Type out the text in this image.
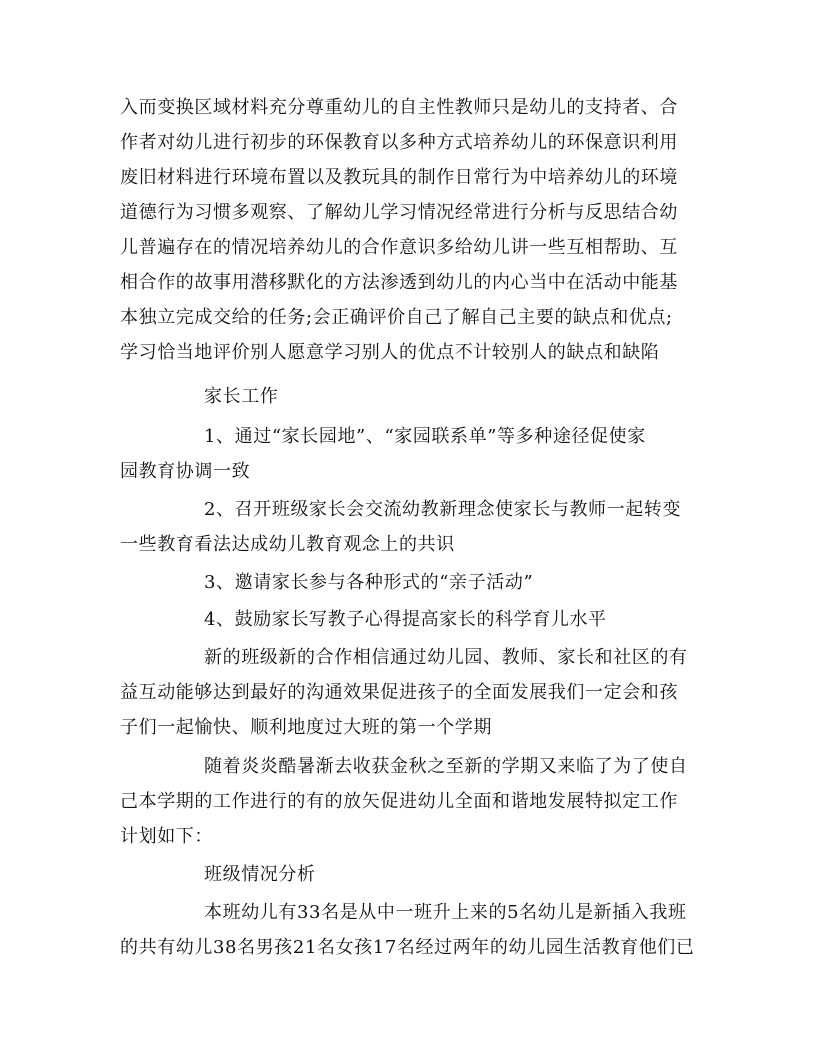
入而变换区域材料充分尊重幼儿的自主性教师只是幼儿的支持者、合
作者对幼儿进行初步的环保教育以多种方式培养幼儿的环保意识利用
废旧材料进行环境布置以及教玩具的制作日常行为中培养幼儿的环境
道德行为习惯多观察、了解幼儿学习情况经常进行分析与反思结合幼
儿普遍存在的情况培养幼儿的合作意识多给幼儿讲一些互相帮助、互
相合作的故事用潜移默化的方法渗透到幼儿的内心当中在活动中能基
本独立完成交给的任务;会正确评价自己了解自己主要的缺点和优点;
学习恰当地评价别人愿意学习别人的优点不计较别人的缺点和缺陷
家长工作
1、通过“家长园地”、“家园联系单”等多种途径促使家
园教育协调一致
2、召开班级家长会交流幼教新理念使家长与教师一起转变
一些教育看法达成幼儿教育观念上的共识
3、邀请家长参与各种形式的“亲子活动”
4、鼓励家长写教子心得提高家长的科学育儿水平
新的班级新的合作相信通过幼儿园、教师、家长和社区的有
益互动能够达到最好的沟通效果促进孩子的全面发展我们一定会和孩
子们一起愉快、顺利地度过大班的第一个学期
随着炎炎酷暑渐去收获金秋之至新的学期又来临了为了使自
己本学期的工作进行的有的放矢促进幼儿全面和谐地发展特拟定工作
计划如下：
班级情况分析
本班幼儿有33名是从中一班升上来的5名幼儿是新插入我班
的共有幼儿38名男孩21名女孩17名经过两年的幼儿园生活教育他们已
